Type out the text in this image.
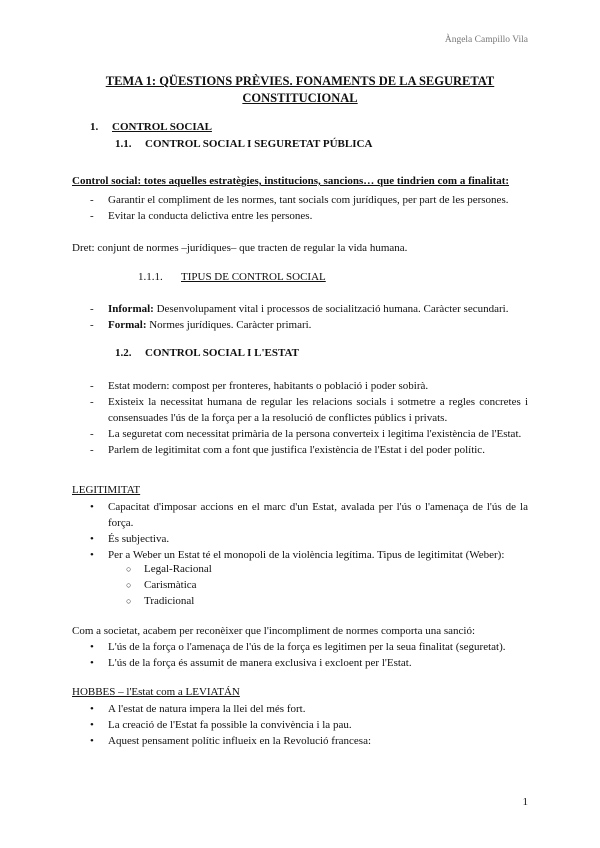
Àngela Campillo Vila
TEMA 1: QÜESTIONS PRÈVIES. FONAMENTS DE LA SEGURETAT CONSTITUCIONAL
1. CONTROL SOCIAL
1.1. CONTROL SOCIAL I SEGURETAT PÚBLICA
Control social: totes aquelles estratègies, institucions, sancions… que tindrien com a finalitat:
- Garantir el compliment de les normes, tant socials com jurídiques, per part de les persones.
- Evitar la conducta delictiva entre les persones.
Dret: conjunt de normes –jurídiques– que tracten de regular la vida humana.
1.1.1. TIPUS DE CONTROL SOCIAL
- Informal: Desenvolupament vital i processos de socialització humana. Caràcter secundari.
- Formal: Normes jurídiques. Caràcter primari.
1.2. CONTROL SOCIAL I L'ESTAT
- Estat modern: compost per fronteres, habitants o població i poder sobirà.
- Existeix la necessitat humana de regular les relacions socials i sotmetre a regles concretes i consensuades l'ús de la força per a la resolució de conflictes públics i privats.
- La seguretat com necessitat primària de la persona converteix i legitima l'existència de l'Estat.
- Parlem de legitimitat com a font que justifica l'existència de l'Estat i del poder polític.
LEGITIMITAT
• Capacitat d'imposar accions en el marc d'un Estat, avalada per l'ús o l'amenaça de l'ús de la força.
• És subjectiva.
• Per a Weber un Estat té el monopoli de la violència legítima. Tipus de legitimitat (Weber):
○ Legal-Racional
○ Carismàtica
○ Tradicional
Com a societat, acabem per reconèixer que l'incompliment de normes comporta una sanció:
• L'ús de la força o l'amenaça de l'ús de la força es legitimen per la seua finalitat (seguretat).
• L'ús de la força és assumit de manera exclusiva i excloent per l'Estat.
HOBBES – l'Estat com a LEVIATÁN
• A l'estat de natura impera la llei del més fort.
• La creació de l'Estat fa possible la convivència i la pau.
• Aquest pensament polític influeix en la Revolució francesa:
1
